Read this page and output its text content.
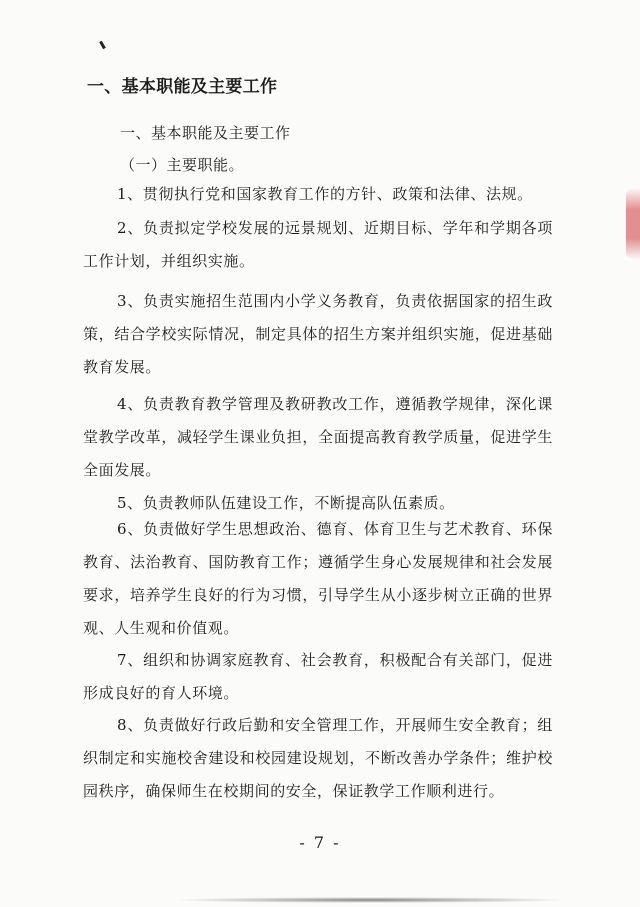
一、基本职能及主要工作
一、基本职能及主要工作
（一）主要职能。
1、贯彻执行党和国家教育工作的方针、政策和法律、法规。
2、负责拟定学校发展的远景规划、近期目标、学年和学期各项工作计划，并组织实施。
3、负责实施招生范围内小学义务教育，负责依据国家的招生政策，结合学校实际情况，制定具体的招生方案并组织实施，促进基础教育发展。
4、负责教育教学管理及教研教改工作，遵循教学规律，深化课堂教学改革，减轻学生课业负担，全面提高教育教学质量，促进学生全面发展。
5、负责教师队伍建设工作，不断提高队伍素质。
6、负责做好学生思想政治、德育、体育卫生与艺术教育、环保教育、法治教育、国防教育工作；遵循学生身心发展规律和社会发展要求，培养学生良好的行为习惯，引导学生从小逐步树立正确的世界观、人生观和价值观。
7、组织和协调家庭教育、社会教育，积极配合有关部门，促进形成良好的育人环境。
8、负责做好行政后勤和安全管理工作，开展师生安全教育；组织制定和实施校舍建设和校园建设规划，不断改善办学条件；维护校园秩序，确保师生在校期间的安全，保证教学工作顺利进行。
- 7 -
